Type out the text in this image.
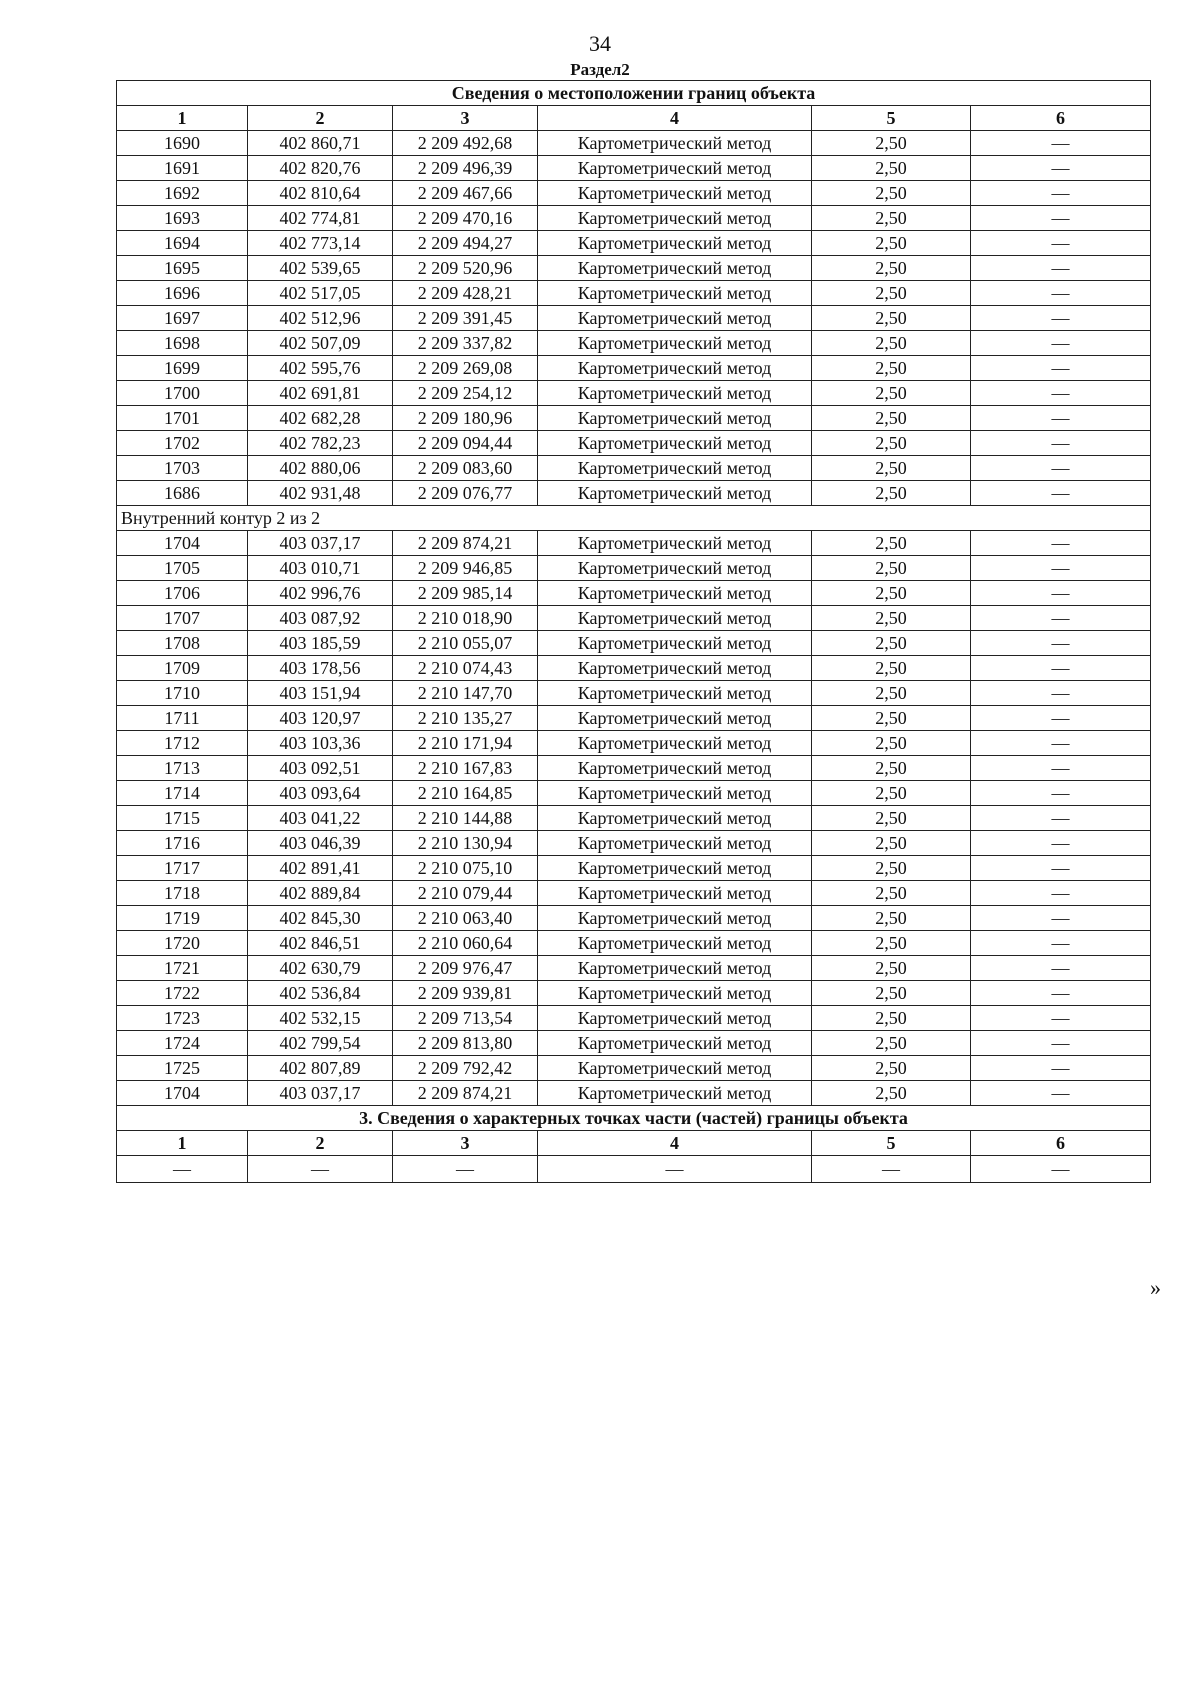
34
Раздел2
Сведения о местоположении границ объекта					
1	2	3	4	5	6
1690	402 860,71	2 209 492,68	Картометрический метод	2,50	—
1691	402 820,76	2 209 496,39	Картометрический метод	2,50	—
1692	402 810,64	2 209 467,66	Картометрический метод	2,50	—
1693	402 774,81	2 209 470,16	Картометрический метод	2,50	—
1694	402 773,14	2 209 494,27	Картометрический метод	2,50	—
1695	402 539,65	2 209 520,96	Картометрический метод	2,50	—
1696	402 517,05	2 209 428,21	Картометрический метод	2,50	—
1697	402 512,96	2 209 391,45	Картометрический метод	2,50	—
1698	402 507,09	2 209 337,82	Картометрический метод	2,50	—
1699	402 595,76	2 209 269,08	Картометрический метод	2,50	—
1700	402 691,81	2 209 254,12	Картометрический метод	2,50	—
1701	402 682,28	2 209 180,96	Картометрический метод	2,50	—
1702	402 782,23	2 209 094,44	Картометрический метод	2,50	—
1703	402 880,06	2 209 083,60	Картометрический метод	2,50	—
1686	402 931,48	2 209 076,77	Картометрический метод	2,50	—
Внутренний контур 2 из 2					
1704	403 037,17	2 209 874,21	Картометрический метод	2,50	—
1705	403 010,71	2 209 946,85	Картометрический метод	2,50	—
1706	402 996,76	2 209 985,14	Картометрический метод	2,50	—
1707	403 087,92	2 210 018,90	Картометрический метод	2,50	—
1708	403 185,59	2 210 055,07	Картометрический метод	2,50	—
1709	403 178,56	2 210 074,43	Картометрический метод	2,50	—
1710	403 151,94	2 210 147,70	Картометрический метод	2,50	—
1711	403 120,97	2 210 135,27	Картометрический метод	2,50	—
1712	403 103,36	2 210 171,94	Картометрический метод	2,50	—
1713	403 092,51	2 210 167,83	Картометрический метод	2,50	—
1714	403 093,64	2 210 164,85	Картометрический метод	2,50	—
1715	403 041,22	2 210 144,88	Картометрический метод	2,50	—
1716	403 046,39	2 210 130,94	Картометрический метод	2,50	—
1717	402 891,41	2 210 075,10	Картометрический метод	2,50	—
1718	402 889,84	2 210 079,44	Картометрический метод	2,50	—
1719	402 845,30	2 210 063,40	Картометрический метод	2,50	—
1720	402 846,51	2 210 060,64	Картометрический метод	2,50	—
1721	402 630,79	2 209 976,47	Картометрический метод	2,50	—
1722	402 536,84	2 209 939,81	Картометрический метод	2,50	—
1723	402 532,15	2 209 713,54	Картометрический метод	2,50	—
1724	402 799,54	2 209 813,80	Картометрический метод	2,50	—
1725	402 807,89	2 209 792,42	Картометрический метод	2,50	—
1704	403 037,17	2 209 874,21	Картометрический метод	2,50	—
3. Сведения о характерных точках части (частей) границы объекта					
1	2	3	4	5	6
—	—	—	—	—	—
»
